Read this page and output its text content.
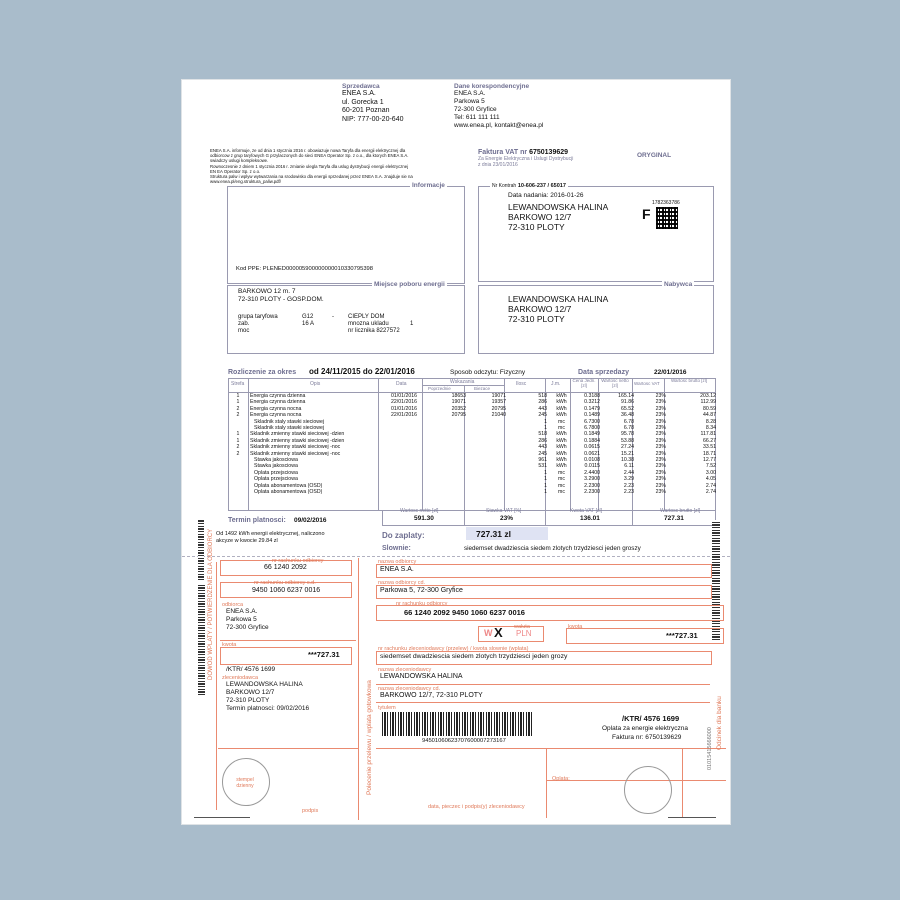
Sprzedawca
ENEA S.A.
ul. Gorecka 1
60-201 Poznan
NIP: 777-00-20-640
Dane korespondencyjne
ENEA S.A.
Parkowa 5
72-300 Gryfice
Tel: 611 111 111
www.enea.pl, kontakt@enea.pl
ENEA S.A. informuje, ze od dnia 1 stycznia 2016 r. obowiazuje nowa Taryfa dla energii elektrycznej dla
odbiorcow z grup taryfowych G przylaczonych do sieci ENEA Operator Sp. z o.o., dla ktorych ENEA S.A.
swiadczy uslugi kompleksowe.
Rownoczesnie z dniem 1 stycznia 2016 r. zmianie ulegla Taryfa dla uslug dystrybucji energii elektrycznej
EN EA Operator Sp. z o.o.
Struktura palw i wplyw wytwarzania na srodowisko dla energii sprzedanej przez ENEA S.A. znajduje sie na
www.enea.pl/eng.struktura_paliw.pdf/
Faktura VAT nr 6750139629
Za Energie Elektryczna i Uslugi Dystrybucji
z dnia 23/01/2016
ORYGINAL
Informacje
Kod PPE: PLENED000005900000000010330795398
Nr Kontrah 10-606-237 / 65017
Data nadania: 2016-01-26
LEWANDOWSKA HALINA
BARKOWO 12/7
72-310 PLOTY
1782363786
F
Miejsce poboru energii
BARKOWO 12 m. 7
72-310 PLOTY - GOSP.DOM.
grupa taryfowa	G12	- CIEPLY DOM
zab.	16 A	mnozna ukladu	1
moc	nr licznika 8227572
Nabywca
LEWANDOWSKA HALINA
BARKOWO 12/7
72-310 PLOTY
Rozliczenie za okres od 24/11/2015 do 22/01/2016	Sposob odczytu: Fizyczny	Data sprzedazy	22/01/2016
Strefa	Opis	Data	Wskazania
Poprzednie	Biezace
Ilosc	J.m.
Cena Jedn. [zl]
Wartosc netto [zl]	Wartosc VAT
Wartosc brutto [zl]
1	Energia czynna dzienna	01/01/2016	18653	19071	518	kWh	0.3188	165.14	23%	203.12
1	Energia czynna dzienna	22/01/2016	19071	19357	286	kWh	0.3212	91.86	23%	112.99
2	Energia czynna nocna	01/01/2016	20352	20795	443	kWh	0.1479	65.52	23%	80.59
2	Energia czynna nocna	22/01/2016	20795	21040	245	kWh	0.1489	36.48	23%	44.87
	Skladnik staly stawki sieciowej				1	mc	6.7300	6.78	23%	8.28
	Skladnik staly stawki sieciowej				1	mc	6.7800	6.78	23%	8.34
1	Skladnik zmienny stawki sieciowej -dzien				518	kWh	0.1849	95.78	23%	117.81
1	Skladnik zmienny stawki sieciowej -dzien				286	kWh	0.1884	53.88	23%	66.27
2	Skladnik zmienny stawki sieciowej -noc				443	kWh	0.0615	27.24	23%	33.51
2	Skladnik zmienny stawki sieciowej -noc				245	kWh	0.0621	15.21	23%	18.71
	Stawka jakosciowa				961	kWh	0.0108	10.38	23%	12.77
	Stawka jakosciowa				531	kWh	0.0115	6.11	23%	7.52
	Oplata przejsciowa				1	mc	2.4400	2.44	23%	3.00
	Oplata przejsciowa				1	mc	3.2900	3.29	23%	4.05
	Oplata abonamentowa (OSD)				1	mc	2.2300	2.23	23%	2.74
	Oplata abonamentowa (OSD)				1	mc	2.2300	2.23	23%	2.74
Wartosc netto [zl]	Stawka VAT [%]	Kwota VAT [zl]	Wartosc brutto [zl]
591.30	23%	136.01	727.31
Termin platnosci: 09/02/2016
Od 1492 kWh energii elektrycznej, naliczono
akcyze w kwocie 29.84 zl
Do zaplaty:	727.31 zl
Slownie:	siedemset dwadziescia siedem zlotych trzydziesci jeden groszy
DOWOD WPLATY / POTWIERDZENIE DLA ODBIORCY	nr rachunku odbiorcy
66 1240 2092
nr rachunku odbiorcy c.d.
9450 1060 6237 0016
odbiorca
ENEA S.A.
Parkowa 5
72-300 Gryfice
kwota
***727.31
/KTR/ 4576 1699
zleceniodawca
LEWANDOWSKA HALINA
BARKOWO 12/7
72-310 PLOTY
Termin platnosci: 09/02/2016
stempel dzienny
podpis
Polecenie przelewu / wplata gotowkowa
nazwa odbiorcy
ENEA S.A.
nazwa odbiorcy cd.
Parkowa 5, 72-300 Gryfice
nr rachunku odbiorcy
66 1240 2092 9450 1060 6237 0016
W X waluta
PLN
kwota
***727.31
nr rachunku zleceniodawcy (przelew) / kwota slownie (wplata)
siedemset dwadziescia siedem zlotych trzydziesci jeden grozy
nazwa zleceniodawcy
LEWANDOWSKA HALINA
nazwa zleceniodawcy cd.
BARKOWO 12/7, 72-310 PLOTY
tytulem
94501060623707600007273167
/KTR/ 4576 1699
Oplata za energie elektryczna
Faktura nr: 6750139629
Oplata:
data, pieczec i podpis(y) zleceniodawcy
Odcinek dla banku
01015415666000
